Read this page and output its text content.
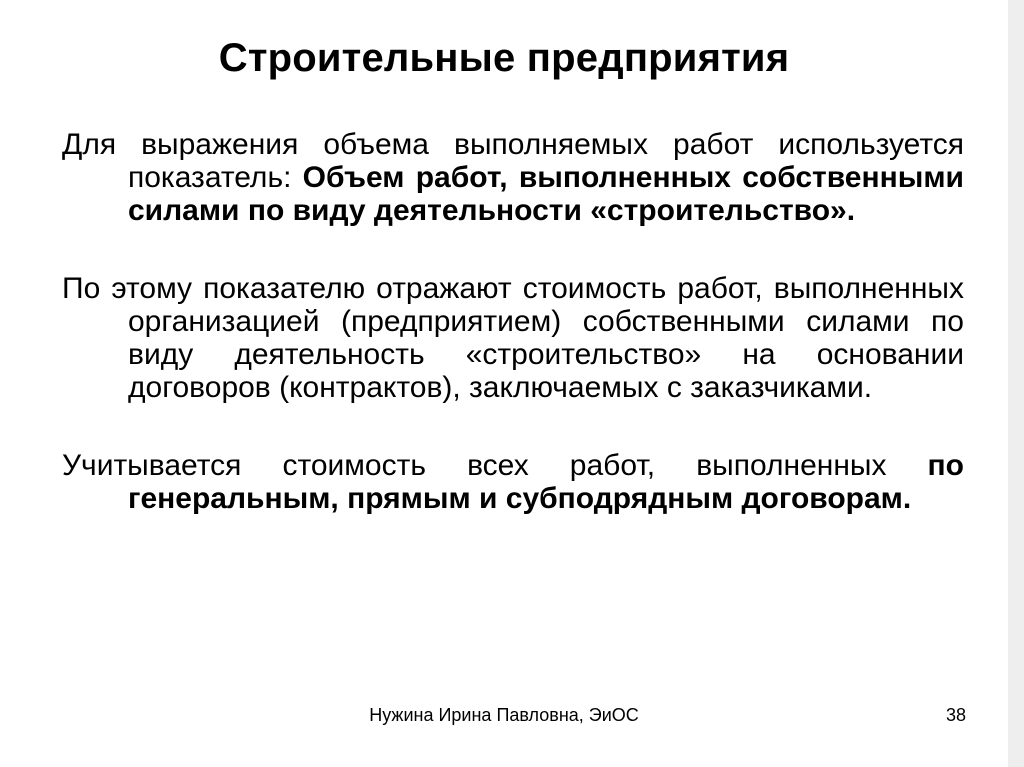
Строительные предприятия

Для выражения объема выполняемых работ используется показатель: Объем работ, выполненных собственными силами по виду деятельности «строительство».

По этому показателю отражают стоимость работ, выполненных организацией (предприятием) собственными силами по виду деятельность «строительство» на основании договоров (контрактов), заключаемых с заказчиками.

Учитывается стоимость всех работ, выполненных по генеральным, прямым и субподрядным договорам.

Нужина Ирина Павловна, ЭиОС	38
